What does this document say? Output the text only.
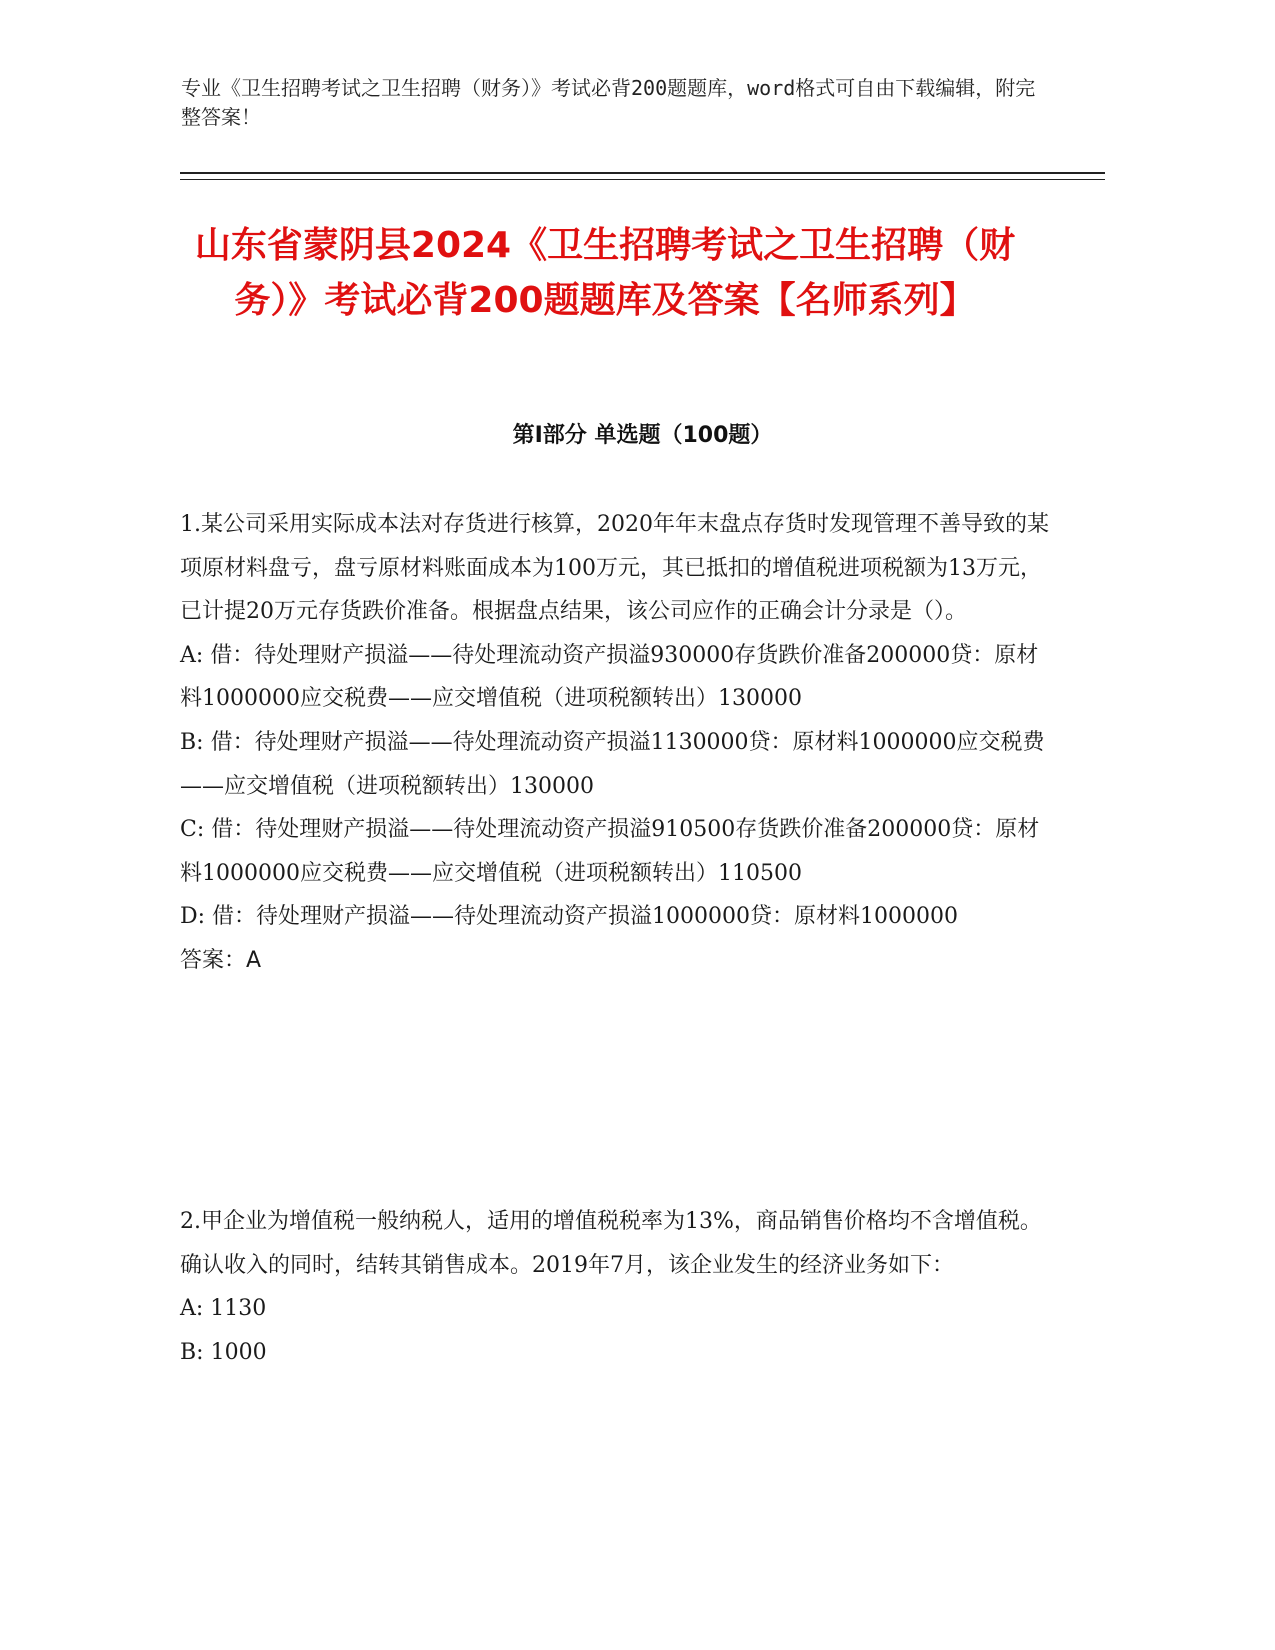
专业《卫生招聘考试之卫生招聘（财务）》考试必背200题题库，word格式可自由下载编辑，附完整答案！

山东省蒙阴县2024《卫生招聘考试之卫生招聘（财务）》考试必背200题题库及答案【名师系列】
第Ⅰ部分 单选题（100题）

1.某公司采用实际成本法对存货进行核算，2020年年末盘点存货时发现管理不善导致的某项原材料盘亏，盘亏原材料账面成本为100万元，其已抵扣的增值税进项税额为13万元，已计提20万元存货跌价准备。根据盘点结果，该公司应作的正确会计分录是（）。

A: 借：待处理财产损溢——待处理流动资产损溢930000存货跌价准备200000贷：原材料1000000应交税费——应交增值税（进项税额转出）130000

B: 借：待处理财产损溢——待处理流动资产损溢1130000贷：原材料1000000应交税费——应交增值税（进项税额转出）130000

C: 借：待处理财产损溢——待处理流动资产损溢910500存货跌价准备200000贷：原材料1000000应交税费——应交增值税（进项税额转出）110500

D: 借：待处理财产损溢——待处理流动资产损溢1000000贷：原材料1000000

答案：A

2.甲企业为增值税一般纳税人，适用的增值税税率为13%，商品销售价格均不含增值税。确认收入的同时，结转其销售成本。2019年7月，该企业发生的经济业务如下：

A: 1130

B: 1000
